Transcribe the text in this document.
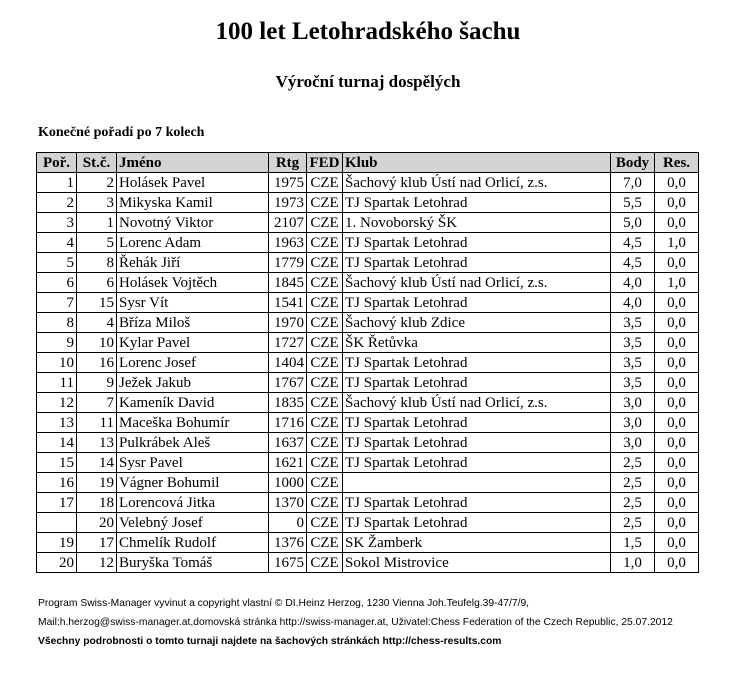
100 let Letohradského šachu
Výroční turnaj dospělých
Konečné pořadí po 7 kolech
Poř.	St.č.	Jméno	Rtg	FED	Klub	Body	Res.
1	2	Holásek Pavel	1975	CZE	Šachový klub Ústí nad Orlicí, z.s.	7,0	0,0
2	3	Mikyska Kamil	1973	CZE	TJ Spartak Letohrad	5,5	0,0
3	1	Novotný Viktor	2107	CZE	1. Novoborský ŠK	5,0	0,0
4	5	Lorenc Adam	1963	CZE	TJ Spartak Letohrad	4,5	1,0
5	8	Řehák Jiří	1779	CZE	TJ Spartak Letohrad	4,5	0,0
6	6	Holásek Vojtěch	1845	CZE	Šachový klub Ústí nad Orlicí, z.s.	4,0	1,0
7	15	Sysr Vít	1541	CZE	TJ Spartak Letohrad	4,0	0,0
8	4	Bříza Miloš	1970	CZE	Šachový klub Zdice	3,5	0,0
9	10	Kylar Pavel	1727	CZE	ŠK Řetůvka	3,5	0,0
10	16	Lorenc Josef	1404	CZE	TJ Spartak Letohrad	3,5	0,0
11	9	Ježek Jakub	1767	CZE	TJ Spartak Letohrad	3,5	0,0
12	7	Kameník David	1835	CZE	Šachový klub Ústí nad Orlicí, z.s.	3,0	0,0
13	11	Maceška Bohumír	1716	CZE	TJ Spartak Letohrad	3,0	0,0
14	13	Pulkrábek Aleš	1637	CZE	TJ Spartak Letohrad	3,0	0,0
15	14	Sysr Pavel	1621	CZE	TJ Spartak Letohrad	2,5	0,0
16	19	Vágner Bohumil	1000	CZE		2,5	0,0
17	18	Lorencová Jitka	1370	CZE	TJ Spartak Letohrad	2,5	0,0
	20	Velebný Josef	0	CZE	TJ Spartak Letohrad	2,5	0,0
19	17	Chmelík Rudolf	1376	CZE	SK Žamberk	1,5	0,0
20	12	Buryška Tomáš	1675	CZE	Sokol Mistrovice	1,0	0,0
Program Swiss-Manager vyvinut a copyright vlastní © DI.Heinz Herzog, 1230 Vienna Joh.Teufelg.39-47/7/9,
Mail:h.herzog@swiss-manager.at,domovská stránka http://swiss-manager.at, Uživatel:Chess Federation of the Czech Republic, 25.07.2012
Všechny podrobnosti o tomto turnaji najdete na šachových stránkách http://chess-results.com
